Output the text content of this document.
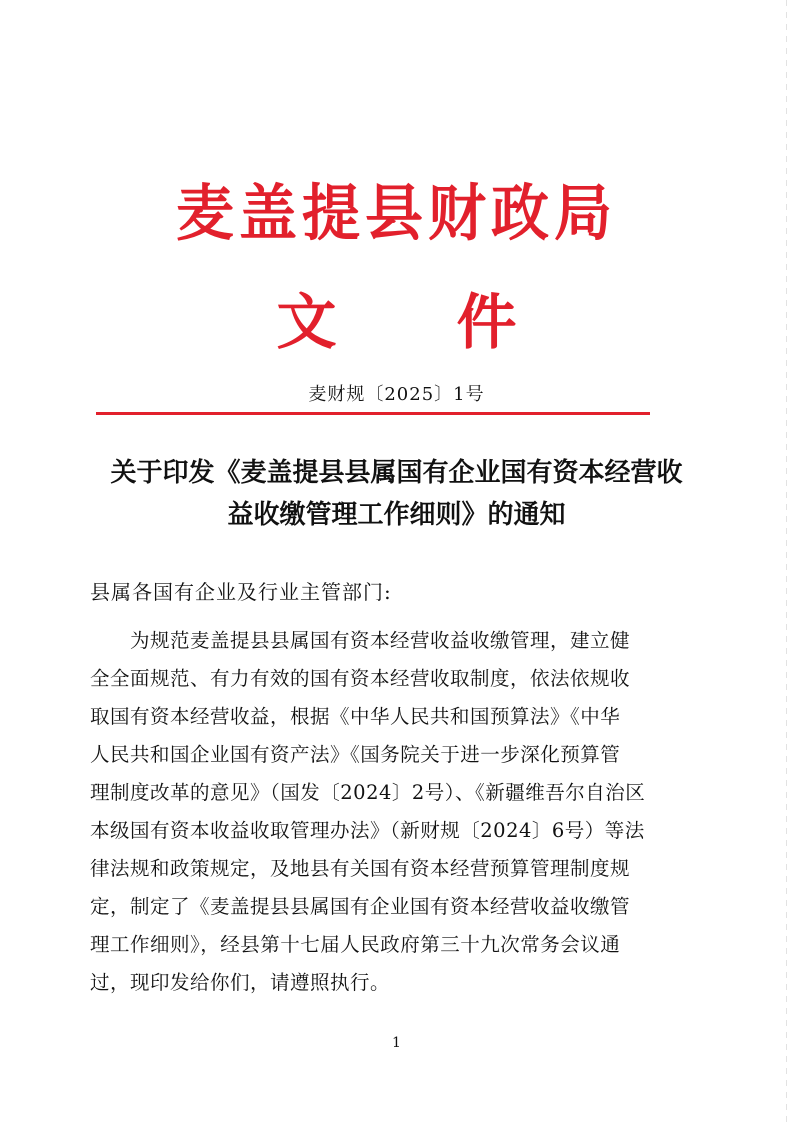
麦盖提县财政局
文件
麦财规〔2025〕1号
关于印发《麦盖提县县属国有企业国有资本经营收
益收缴管理工作细则》的通知
县属各国有企业及行业主管部门:
为规范麦盖提县县属国有资本经营收益收缴管理，建立健
全全面规范、有力有效的国有资本经营收取制度，依法依规收
取国有资本经营收益，根据《中华人民共和国预算法》《中华
人民共和国企业国有资产法》《国务院关于进一步深化预算管
理制度改革的意见》（国发〔2024〕2号）、《新疆维吾尔自治区
本级国有资本收益收取管理办法》（新财规〔2024〕6号）等法
律法规和政策规定，及地县有关国有资本经营预算管理制度规
定，制定了《麦盖提县县属国有企业国有资本经营收益收缴管
理工作细则》，经县第十七届人民政府第三十九次常务会议通
过，现印发给你们，请遵照执行。
1
